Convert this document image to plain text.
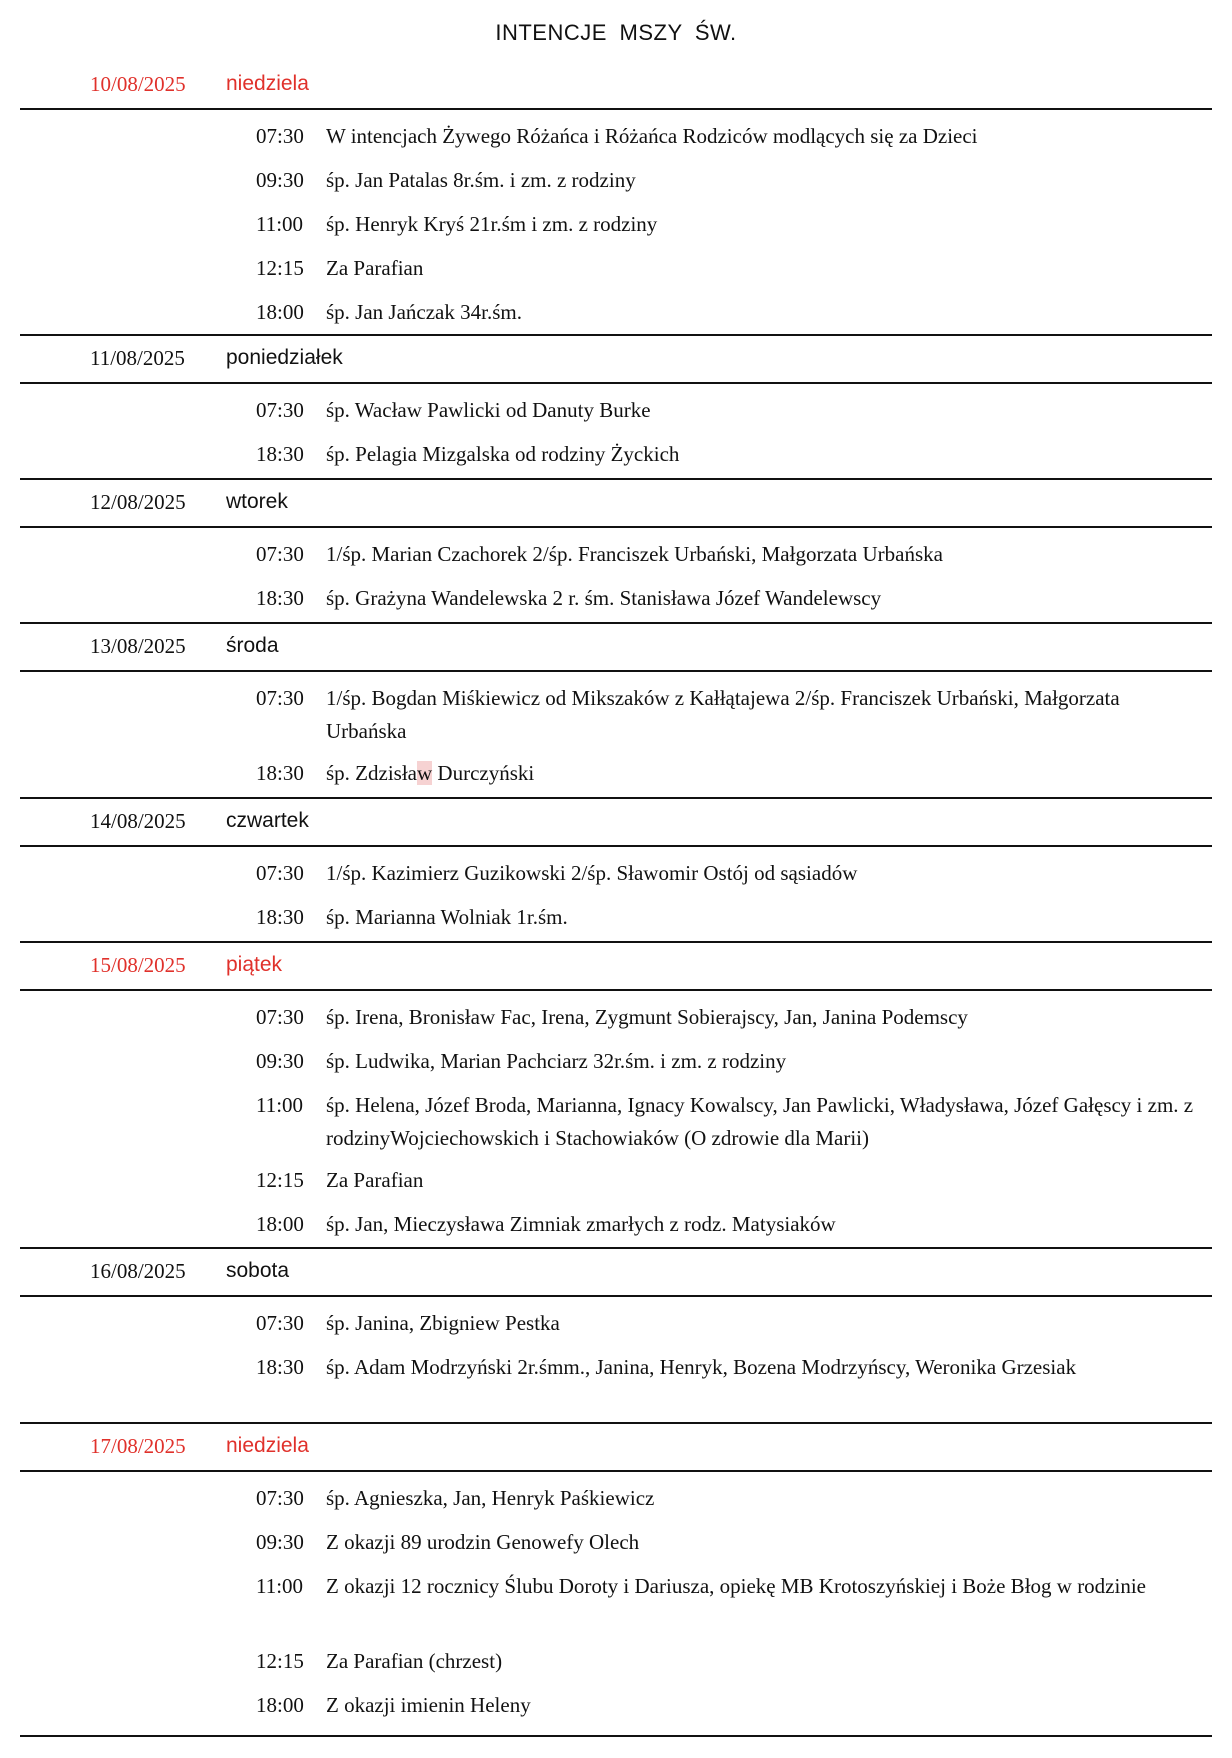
INTENCJE MSZY ŚW.
10/08/2025 niedziela
07:30 W intencjach Żywego Różańca i Różańca Rodziców modlących się za Dzieci
09:30 śp. Jan Patalas 8r.śm. i zm. z rodziny
11:00 śp. Henryk Kryś 21r.śm i zm. z rodziny
12:15 Za Parafian
18:00 śp. Jan Jańczak 34r.śm.
11/08/2025 poniedziałek
07:30 śp. Wacław Pawlicki od Danuty Burke
18:30 śp. Pelagia Mizgalska od rodziny Życkich
12/08/2025 wtorek
07:30 1/śp. Marian Czachorek 2/śp. Franciszek Urbański, Małgorzata Urbańska
18:30 śp. Grażyna Wandelewska 2 r. śm. Stanisława Józef Wandelewscy
13/08/2025 środa
07:30 1/śp. Bogdan Miśkiewicz od Mikszaków z Kałłątajewa 2/śp. Franciszek Urbański, Małgorzata Urbańska
18:30 śp. Zdzisław Durczyński
14/08/2025 czwartek
07:30 1/śp. Kazimierz Guzikowski 2/śp. Sławomir Ostój od sąsiadów
18:30 śp. Marianna Wolniak 1r.śm.
15/08/2025 piątek
07:30 śp. Irena, Bronisław Fac, Irena, Zygmunt Sobierajscy, Jan, Janina Podemscy
09:30 śp. Ludwika, Marian Pachciarz 32r.śm. i zm. z rodziny
11:00 śp. Helena, Józef Broda, Marianna, Ignacy Kowalscy, Jan Pawlicki, Władysława, Józef Gałęscy i zm. z rodzinyWojciechowskich i Stachowiaków (O zdrowie dla Marii)
12:15 Za Parafian
18:00 śp. Jan, Mieczysława Zimniak zmarłych z rodz. Matysiaków
16/08/2025 sobota
07:30 śp. Janina, Zbigniew Pestka
18:30 śp. Adam Modrzyński 2r.śmm., Janina, Henryk, Bozena Modrzyńscy, Weronika Grzesiak
17/08/2025 niedziela
07:30 śp. Agnieszka, Jan, Henryk Paśkiewicz
09:30 Z okazji 89 urodzin Genowefy Olech
11:00 Z okazji 12 rocznicy Ślubu Doroty i Dariusza, opiekę MB Krotoszyńskiej i Boże Błog w rodzinie
12:15 Za Parafian (chrzest)
18:00 Z okazji imienin Heleny
